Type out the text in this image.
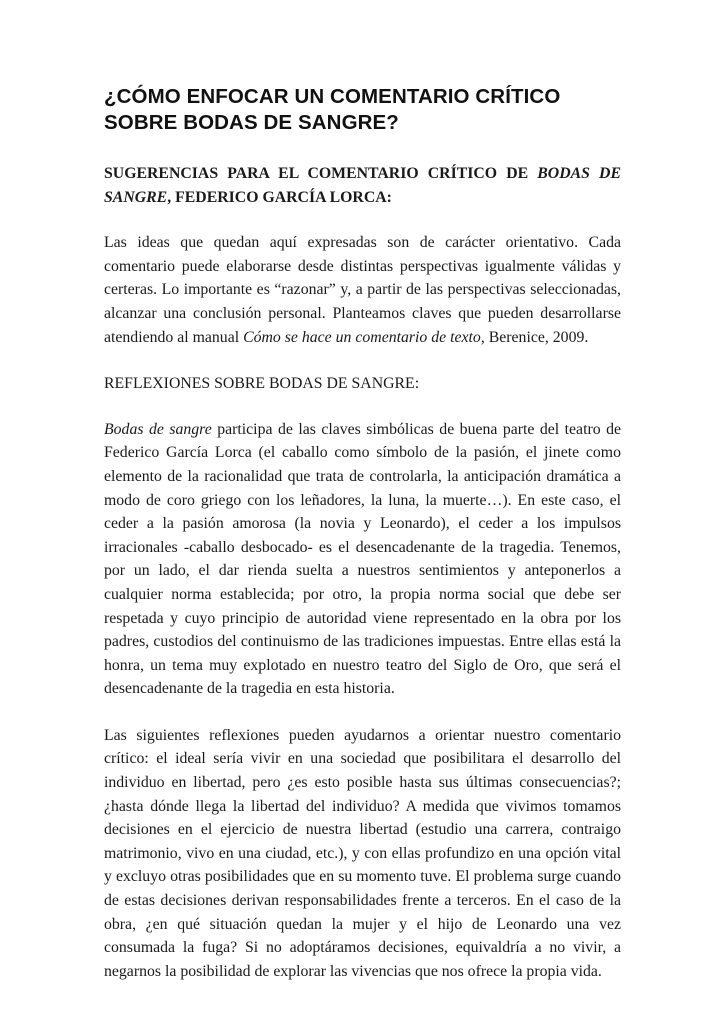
¿CÓMO ENFOCAR UN COMENTARIO CRÍTICO SOBRE BODAS DE SANGRE?
SUGERENCIAS PARA EL COMENTARIO CRÍTICO DE BODAS DE SANGRE, FEDERICO GARCÍA LORCA:

Las ideas que quedan aquí expresadas son de carácter orientativo. Cada comentario puede elaborarse desde distintas perspectivas igualmente válidas y certeras. Lo importante es “razonar” y, a partir de las perspectivas seleccionadas, alcanzar una conclusión personal. Planteamos claves que pueden desarrollarse atendiendo al manual Cómo se hace un comentario de texto, Berenice, 2009.

REFLEXIONES SOBRE BODAS DE SANGRE:

Bodas de sangre participa de las claves simbólicas de buena parte del teatro de Federico García Lorca (el caballo como símbolo de la pasión, el jinete como elemento de la racionalidad que trata de controlarla, la anticipación dramática a modo de coro griego con los leñadores, la luna, la muerte…). En este caso, el ceder a la pasión amorosa (la novia y Leonardo), el ceder a los impulsos irracionales -caballo desbocado- es el desencadenante de la tragedia. Tenemos, por un lado, el dar rienda suelta a nuestros sentimientos y anteponerlos a cualquier norma establecida; por otro, la propia norma social que debe ser respetada y cuyo principio de autoridad viene representado en la obra por los padres, custodios del continuismo de las tradiciones impuestas. Entre ellas está la honra, un tema muy explotado en nuestro teatro del Siglo de Oro, que será el desencadenante de la tragedia en esta historia.

Las siguientes reflexiones pueden ayudarnos a orientar nuestro comentario crítico: el ideal sería vivir en una sociedad que posibilitara el desarrollo del individuo en libertad, pero ¿es esto posible hasta sus últimas consecuencias?; ¿hasta dónde llega la libertad del individuo? A medida que vivimos tomamos decisiones en el ejercicio de nuestra libertad (estudio una carrera, contraigo matrimonio, vivo en una ciudad, etc.), y con ellas profundizo en una opción vital y excluyo otras posibilidades que en su momento tuve. El problema surge cuando de estas decisiones derivan responsabilidades frente a terceros. En el caso de la obra, ¿en qué situación quedan la mujer y el hijo de Leonardo una vez consumada la fuga? Si no adoptáramos decisiones, equivaldría a no vivir, a negarnos la posibilidad de explorar las vivencias que nos ofrece la propia vida.
